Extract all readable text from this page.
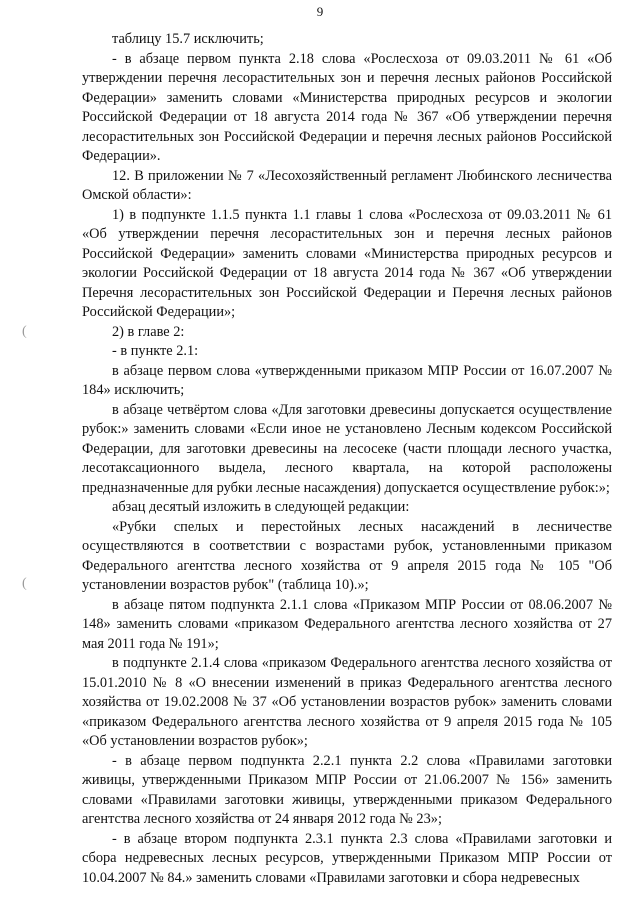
9
(
(

таблицу 15.7 исключить;

- в абзаце первом пункта 2.18 слова «Рослесхоза от 09.03.2011 № 61 «Об утверждении перечня лесорастительных зон и перечня лесных районов Российской Федерации» заменить словами «Министерства природных ресурсов и экологии Российской Федерации от 18 августа 2014 года № 367 «Об утверждении перечня лесорастительных зон Российской Федерации и перечня лесных районов Российской Федерации».

12. В приложении № 7 «Лесохозяйственный регламент Любинского лесничества Омской области»:

1) в подпункте 1.1.5 пункта 1.1 главы 1 слова «Рослесхоза от 09.03.2011 № 61 «Об утверждении перечня лесорастительных зон и перечня лесных районов Российской Федерации» заменить словами «Министерства природных ресурсов и экологии Российской Федерации от 18 августа 2014 года № 367 «Об утверждении Перечня лесорастительных зон Российской Федерации и Перечня лесных районов Российской Федерации»;

2) в главе 2:

- в пункте 2.1:

в абзаце первом слова «утвержденными приказом МПР России от 16.07.2007 № 184» исключить;

в абзаце четвёртом слова «Для заготовки древесины допускается осуществление рубок:» заменить словами «Если иное не установлено Лесным кодексом Российской Федерации, для заготовки древесины на лесосеке (части площади лесного участка, лесотаксационного выдела, лесного квартала, на которой расположены предназначенные для рубки лесные насаждения) допускается осуществление рубок:»;

абзац десятый изложить в следующей редакции:

«Рубки спелых и перестойных лесных насаждений в лесничестве осуществляются в соответствии с возрастами рубок, установленными приказом Федерального агентства лесного хозяйства от 9 апреля 2015 года № 105 "Об установлении возрастов рубок" (таблица 10).»;

в абзаце пятом подпункта 2.1.1 слова «Приказом МПР России от 08.06.2007 № 148» заменить словами «приказом Федерального агентства лесного хозяйства от 27 мая 2011 года № 191»;

в подпункте 2.1.4 слова «приказом Федерального агентства лесного хозяйства от 15.01.2010 № 8 «О внесении изменений в приказ Федерального агентства лесного хозяйства от 19.02.2008 № 37 «Об установлении возрастов рубок» заменить словами «приказом Федерального агентства лесного хозяйства от 9 апреля 2015 года № 105 «Об установлении возрастов рубок»;

- в абзаце первом подпункта 2.2.1 пункта 2.2 слова «Правилами заготовки живицы, утвержденными Приказом МПР России от 21.06.2007 № 156» заменить словами «Правилами заготовки живицы, утвержденными приказом Федерального агентства лесного хозяйства от 24 января 2012 года № 23»;

- в абзаце втором подпункта 2.3.1 пункта 2.3 слова «Правилами заготовки и сбора недревесных лесных ресурсов, утвержденными Приказом МПР России от 10.04.2007 № 84.» заменить словами «Правилами заготовки и сбора недревесных
